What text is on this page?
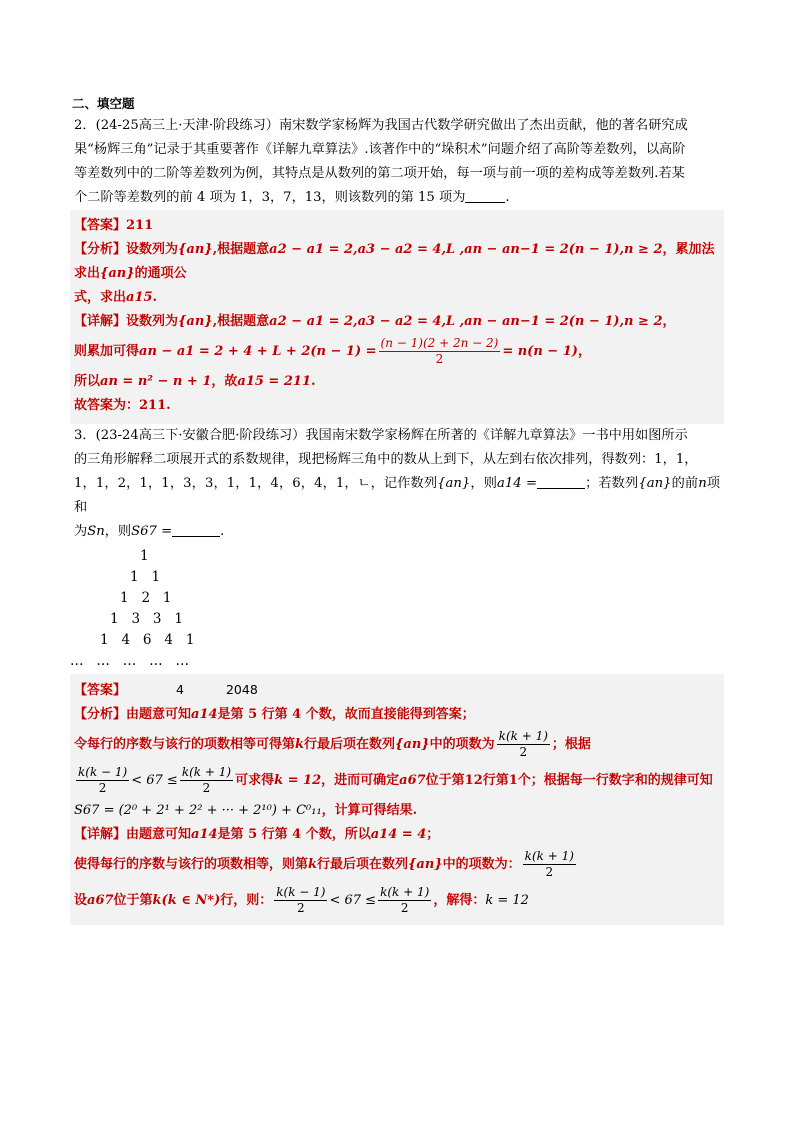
二、填空题
2．(24-25高三上·天津·阶段练习）南宋数学家杨辉为我国古代数学研究做出了杰出贡献，他的著名研究成
果“杨辉三角”记录于其重要著作《详解九章算法》.该著作中的“垛积术”问题介绍了高阶等差数列，以高阶
等差数列中的二阶等差数列为例，其特点是从数列的第二项开始，每一项与前一项的差构成等差数列.若某
个二阶等差数列的前 4 项为 1，3，7，13，则该数列的第 15 项为	.
【答案】211
【分析】设数列为{an},根据题意a2 − a1 = 2,a3 − a2 = 4,L ,an − an−1 = 2(n − 1),n ≥ 2，累加法求出{an}的通项公
式，求出a15.
【详解】设数列为{an},根据题意a2 − a1 = 2,a3 − a2 = 4,L ,an − an−1 = 2(n − 1),n ≥ 2，
则累加可得an − $a1 = 2 + 4 + L + 2(n - 1) = \frac{(n - 1)(2 + 2n - 2)}{2} = n(n - 1)$，
所以an = n² − n + 1，故a15 = 211.
故答案为：211.
3．(23-24高三下·安徽合肥·阶段练习）我国南宋数学家杨辉在所著的《详解九章算法》一书中用如图所示
的三角形解释二项展开式的系数规律，现把杨辉三角中的数从上到下，从左到右依次排列，得数列：1，1，
1，1，2，1，1，3，3，1，1，4，6，4，1，ㄴ，记作数列{an}，则a14 =	；若数列{an}的前n项和
为Sn，则S67 =	.
1
1   1
1   2   1
1   3   3   1
1   4   6   4   1
…   …   …   …   …
【答案】	4	2048
【分析】由题意可知a14是第 5 行第 4 个数，故而直接能得到答案；
令每行的序数与该行的项数相等可得第k行最后项在数列{an}中的项数为 $\frac{k(k + 1)}{2}$ ；根据
$\frac{k(k - 1)}{2} < 67 \le \frac{k(k + 1)}{2}$ 可求得k = 12，进而可确定a67位于第12行第1个；根据每一行数字和的规律可知
S67 = (2⁰ + 2¹ + 2² + ··· + 2¹⁰) + C⁰₁₁，计算可得结果.
【详解】由题意可知a14是第 5 行第 4 个数，所以a14 = 4；
使得每行的序数与该行的项数相等，则第k行最后项在数列{an}中的项数为： $\frac{k(k + 1)}{2}$
设a67位于第k(k ∈ N*)行，则： $\frac{k(k - 1)}{2} < 67 \le \frac{k(k + 1)}{2}$ ，解得：k = 12
